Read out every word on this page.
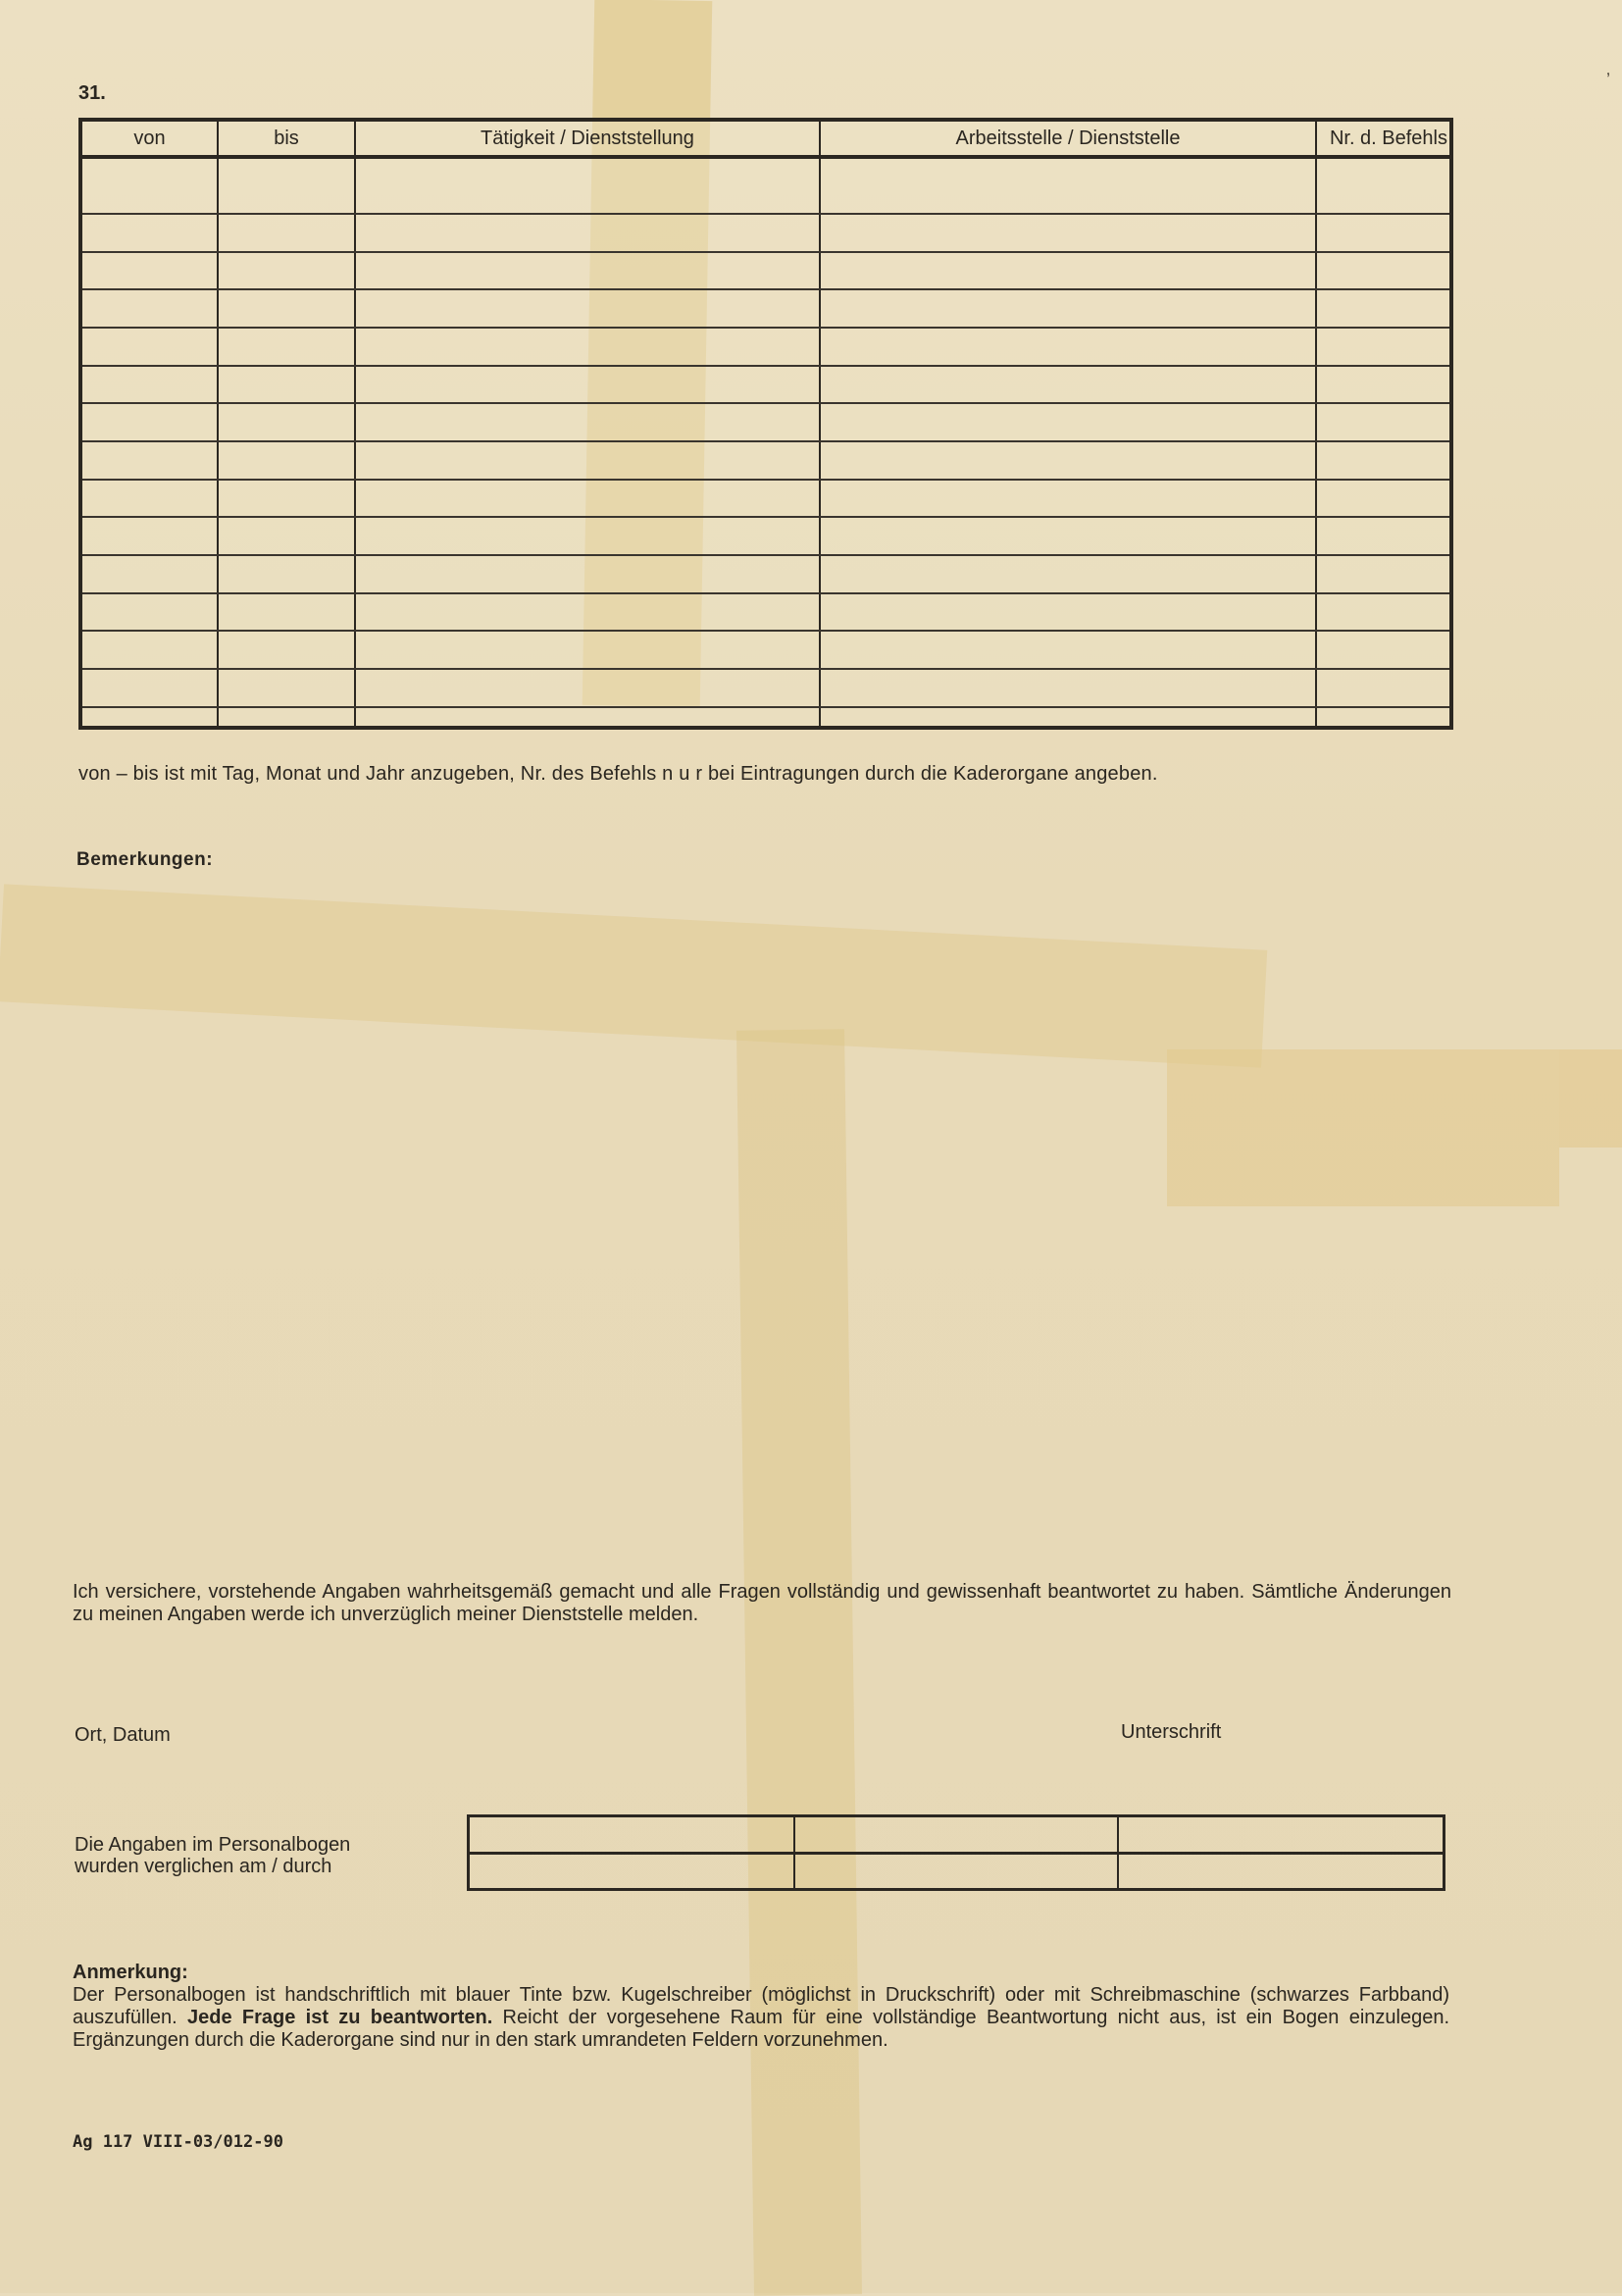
31.
von	bis	Tätigkeit / Dienststellung	Arbeitsstelle / Dienststelle	Nr. d. Befehls

von – bis ist mit Tag, Monat und Jahr anzugeben, Nr. des Befehls n u r bei Eintragungen durch die Kaderorgane angeben.
Bemerkungen:
Ich versichere, vorstehende Angaben wahrheitsgemäß gemacht und alle Fragen vollständig und gewissenhaft beantwortet zu haben. Sämtliche Änderungen zu meinen Angaben werde ich unverzüglich meiner Dienststelle melden.
Ort, Datum	Unterschrift
Die Angaben im Personalbogen
wurden verglichen am / durch

Anmerkung:
Der Personalbogen ist handschriftlich mit blauer Tinte bzw. Kugelschreiber (möglichst in Druckschrift) oder mit Schreibmaschine (schwarzes Farbband) auszufüllen. Jede Frage ist zu beantworten. Reicht der vorgesehene Raum für eine vollständige Beantwortung nicht aus, ist ein Bogen einzulegen. Ergänzungen durch die Kaderorgane sind nur in den stark umrandeten Feldern vorzunehmen.
Ag 117 VIII-03/012-90
‚
